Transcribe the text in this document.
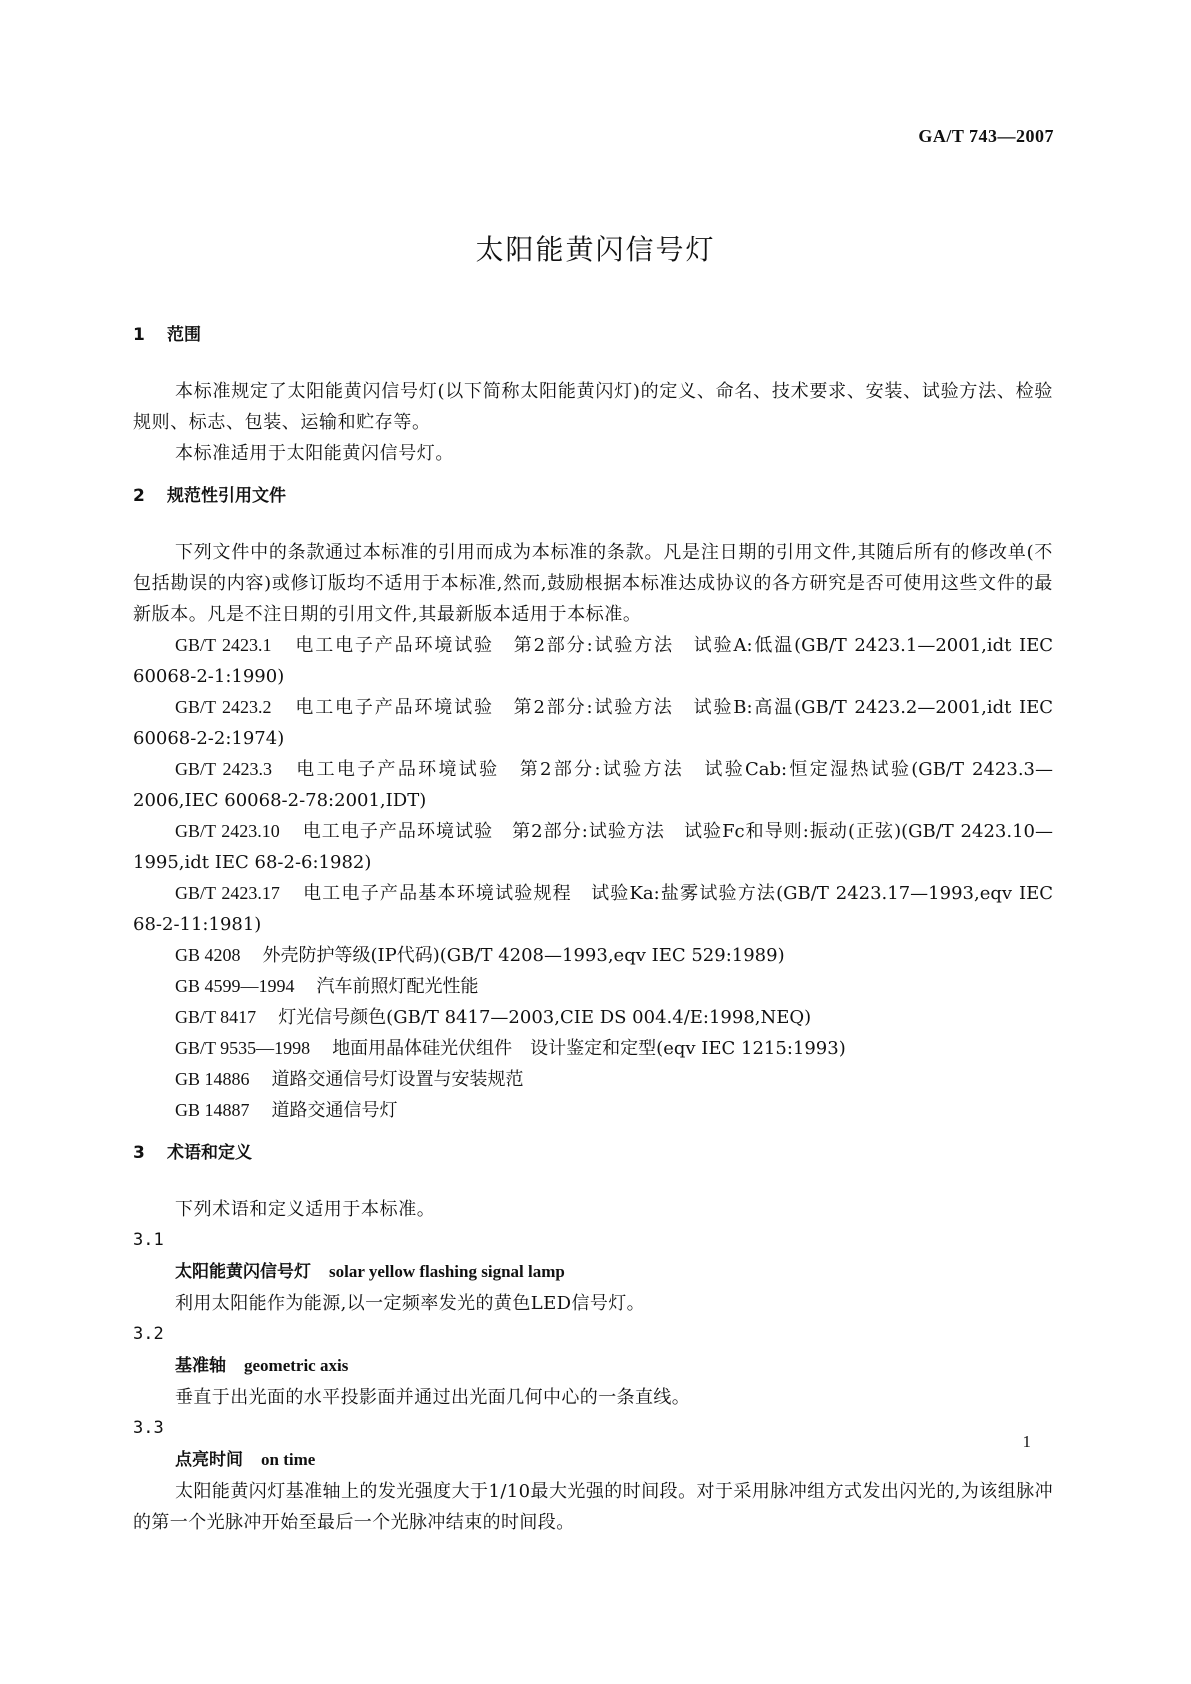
GA/T 743—2007
太阳能黄闪信号灯
1 范围

本标准规定了太阳能黄闪信号灯(以下简称太阳能黄闪灯)的定义、命名、技术要求、安装、试验方法、检验规则、标志、包装、运输和贮存等。

本标准适用于太阳能黄闪信号灯。

2 规范性引用文件

下列文件中的条款通过本标准的引用而成为本标准的条款。凡是注日期的引用文件,其随后所有的修改单(不包括勘误的内容)或修订版均不适用于本标准,然而,鼓励根据本标准达成协议的各方研究是否可使用这些文件的最新版本。凡是不注日期的引用文件,其最新版本适用于本标准。

GB/T 2423.1 电工电子产品环境试验　第2部分:试验方法　试验A:低温(GB/T 2423.1—2001,idt IEC 60068-2-1:1990)

GB/T 2423.2 电工电子产品环境试验　第2部分:试验方法　试验B:高温(GB/T 2423.2—2001,idt IEC 60068-2-2:1974)

GB/T 2423.3 电工电子产品环境试验　第2部分:试验方法　试验Cab:恒定湿热试验(GB/T 2423.3—2006,IEC 60068-2-78:2001,IDT)

GB/T 2423.10 电工电子产品环境试验　第2部分:试验方法　试验Fc和导则:振动(正弦)(GB/T 2423.10—1995,idt IEC 68-2-6:1982)

GB/T 2423.17 电工电子产品基本环境试验规程　试验Ka:盐雾试验方法(GB/T 2423.17—1993,eqv IEC 68-2-11:1981)

GB 4208 外壳防护等级(IP代码)(GB/T 4208—1993,eqv IEC 529:1989)

GB 4599—1994 汽车前照灯配光性能

GB/T 8417 灯光信号颜色(GB/T 8417—2003,CIE DS 004.4/E:1998,NEQ)

GB/T 9535—1998 地面用晶体硅光伏组件　设计鉴定和定型(eqv IEC 1215:1993)

GB 14886 道路交通信号灯设置与安装规范

GB 14887 道路交通信号灯

3 术语和定义

下列术语和定义适用于本标准。

3.1

太阳能黄闪信号灯 solar yellow flashing signal lamp

利用太阳能作为能源,以一定频率发光的黄色LED信号灯。

3.2

基准轴 geometric axis

垂直于出光面的水平投影面并通过出光面几何中心的一条直线。

3.3

点亮时间 on time

太阳能黄闪灯基准轴上的发光强度大于1/10最大光强的时间段。对于采用脉冲组方式发出闪光的,为该组脉冲的第一个光脉冲开始至最后一个光脉冲结束的时间段。

1
